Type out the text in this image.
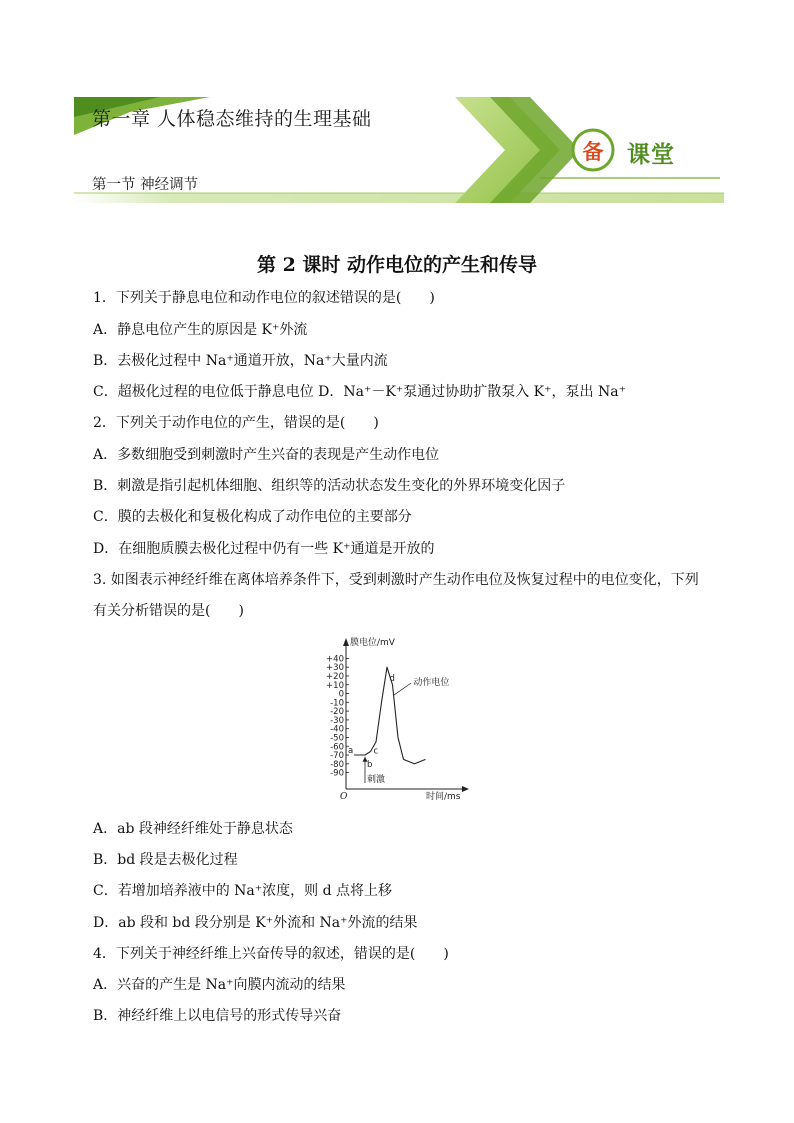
第一章 人体稳态维持的生理基础
第一节 神经调节
备 课堂
第 2 课时 动作电位的产生和传导
1．下列关于静息电位和动作电位的叙述错误的是(　　)
A．静息电位产生的原因是 K⁺外流
B．去极化过程中 Na⁺通道开放，Na⁺大量内流
C．超极化过程的电位低于静息电位 D．Na⁺－K⁺泵通过协助扩散泵入 K⁺，泵出 Na⁺
2．下列关于动作电位的产生，错误的是(　　)
A．多数细胞受到刺激时产生兴奋的表现是产生动作电位
B．刺激是指引起机体细胞、组织等的活动状态发生变化的外界环境变化因子
C．膜的去极化和复极化构成了动作电位的主要部分
D．在细胞质膜去极化过程中仍有一些 K⁺通道是开放的
3. 如图表示神经纤维在离体培养条件下，受到刺激时产生动作电位及恢复过程中的电位变化，下列
有关分析错误的是(　　)
+40
+30
+20
+10
0
-10
-20
-30
-40
-50
-60
-70
-80
-90
膜电位/mV
时间/ms
O
动作电位
a
b
c
d
刺激
A．ab 段神经纤维处于静息状态
B．bd 段是去极化过程
C．若增加培养液中的 Na⁺浓度，则 d 点将上移
D．ab 段和 bd 段分别是 K⁺外流和 Na⁺外流的结果
4．下列关于神经纤维上兴奋传导的叙述，错误的是(　　)
A．兴奋的产生是 Na⁺向膜内流动的结果
B．神经纤维上以电信号的形式传导兴奋
